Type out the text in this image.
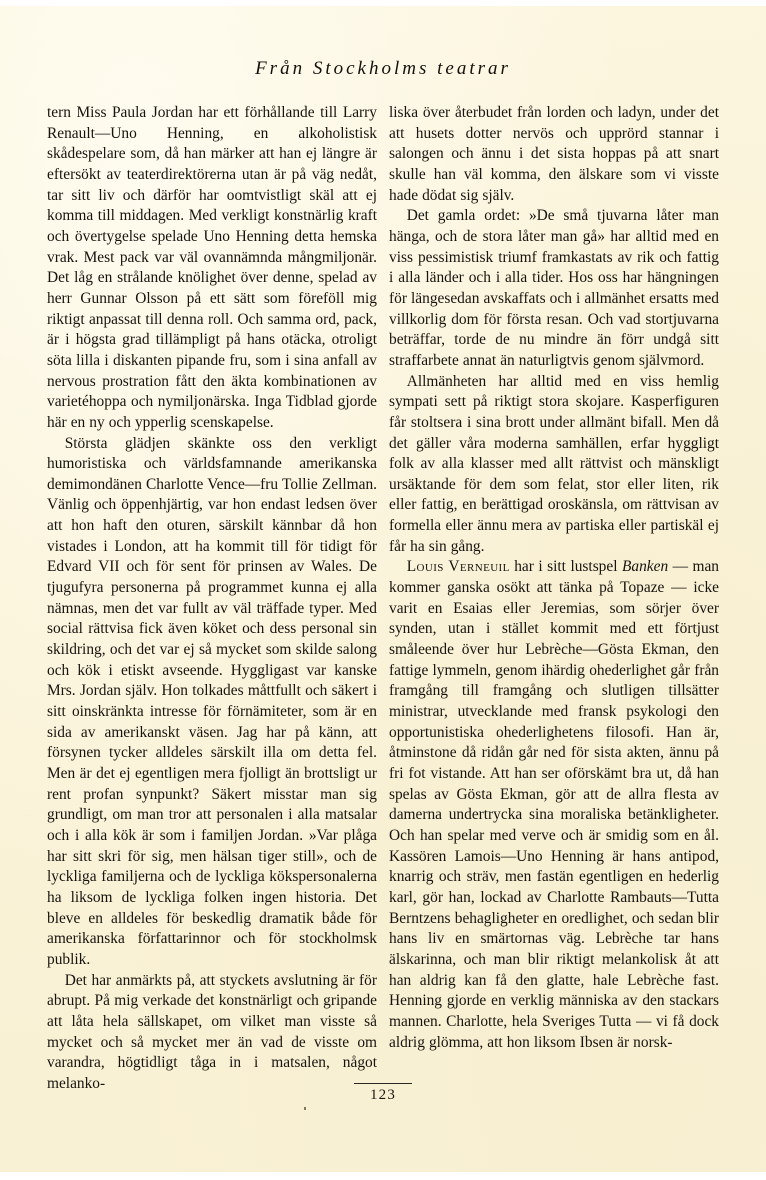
Från Stockholms teatrar

tern Miss Paula Jordan har ett förhållande till Larry Renault—Uno Henning, en alkoholistisk skådespelare som, då han märker att han ej längre är eftersökt av teaterdirektörerna utan är på väg nedåt, tar sitt liv och därför har oomtvistligt skäl att ej komma till middagen. Med verkligt konstnärlig kraft och övertygelse spelade Uno Henning detta hemska vrak. Mest pack var väl ovannämnda mångmiljonär. Det låg en strålande knölighet över denne, spelad av herr Gunnar Olsson på ett sätt som föreföll mig riktigt anpassat till denna roll. Och samma ord, pack, är i högsta grad tillämpligt på hans otäcka, otroligt söta lilla i diskanten pipande fru, som i sina anfall av nervous prostration fått den äkta kombinationen av varietéhoppa och nymiljonärska. Inga Tidblad gjorde här en ny och ypperlig scenskapelse.

Största glädjen skänkte oss den verkligt humoristiska och världsfamnande amerikanska demimondänen Charlotte Vence—fru Tollie Zellman. Vänlig och öppenhjärtig, var hon endast ledsen över att hon haft den oturen, särskilt kännbar då hon vistades i London, att ha kommit till för tidigt för Edvard VII och för sent för prinsen av Wales. De tjugufyra personerna på programmet kunna ej alla nämnas, men det var fullt av väl träffade typer. Med social rättvisa fick även köket och dess personal sin skildring, och det var ej så mycket som skilde salong och kök i etiskt avseende. Hyggligast var kanske Mrs. Jordan själv. Hon tolkades måttfullt och säkert i sitt oinskränkta intresse för förnämiteter, som är en sida av amerikanskt väsen. Jag har på känn, att försynen tycker alldeles särskilt illa om detta fel. Men är det ej egentligen mera fjolligt än brottsligt ur rent profan synpunkt? Säkert misstar man sig grundligt, om man tror att personalen i alla matsalar och i alla kök är som i familjen Jordan. »Var plåga har sitt skri för sig, men hälsan tiger still», och de lyckliga familjerna och de lyckliga kökspersonalerna ha liksom de lyckliga folken ingen historia. Det bleve en alldeles för beskedlig dramatik både för amerikanska författarinnor och för stockholmsk publik.

Det har anmärkts på, att styckets avslutning är för abrupt. På mig verkade det konstnärligt och gripande att låta hela sällskapet, om vilket man visste så mycket och så mycket mer än vad de visste om varandra, högtidligt tåga in i matsalen, något melanko-

liska över återbudet från lorden och ladyn, under det att husets dotter nervös och upprörd stannar i salongen och ännu i det sista hoppas på att snart skulle han väl komma, den älskare som vi visste hade dödat sig själv.

Det gamla ordet: »De små tjuvarna låter man hänga, och de stora låter man gå» har alltid med en viss pessimistisk triumf framkastats av rik och fattig i alla länder och i alla tider. Hos oss har hängningen för längesedan avskaffats och i allmänhet ersatts med villkorlig dom för första resan. Och vad stortjuvarna beträffar, torde de nu mindre än förr undgå sitt straffarbete annat än naturligtvis genom självmord.

Allmänheten har alltid med en viss hemlig sympati sett på riktigt stora skojare. Kasperfiguren får stoltsera i sina brott under allmänt bifall. Men då det gäller våra moderna samhällen, erfar hyggligt folk av alla klasser med allt rättvist och mänskligt ursäktande för dem som felat, stor eller liten, rik eller fattig, en berättigad oroskänsla, om rättvisan av formella eller ännu mera av partiska eller partiskäl ej får ha sin gång.

Louis Verneuil har i sitt lustspel Banken — man kommer ganska osökt att tänka på Topaze — icke varit en Esaias eller Jeremias, som sörjer över synden, utan i stället kommit med ett förtjust småleende över hur Lebrèche—Gösta Ekman, den fattige lymmeln, genom ihärdig ohederlighet går från framgång till framgång och slutligen tillsätter ministrar, utvecklande med fransk psykologi den opportunistiska ohederlighetens filosofi. Han är, åtminstone då ridån går ned för sista akten, ännu på fri fot vistande. Att han ser oförskämt bra ut, då han spelas av Gösta Ekman, gör att de allra flesta av damerna undertrycka sina moraliska betänkligheter. Och han spelar med verve och är smidig som en ål. Kassören Lamois—Uno Henning är hans antipod, knarrig och sträv, men fastän egentligen en hederlig karl, gör han, lockad av Charlotte Rambauts—Tutta Berntzens behagligheter en oredlighet, och sedan blir hans liv en smärtornas väg. Lebrèche tar hans älskarinna, och man blir riktigt melankolisk åt att han aldrig kan få den glatte, hale Lebrèche fast. Henning gjorde en verklig människa av den stackars mannen. Charlotte, hela Sveriges Tutta — vi få dock aldrig glömma, att hon liksom Ibsen är norsk-

123
